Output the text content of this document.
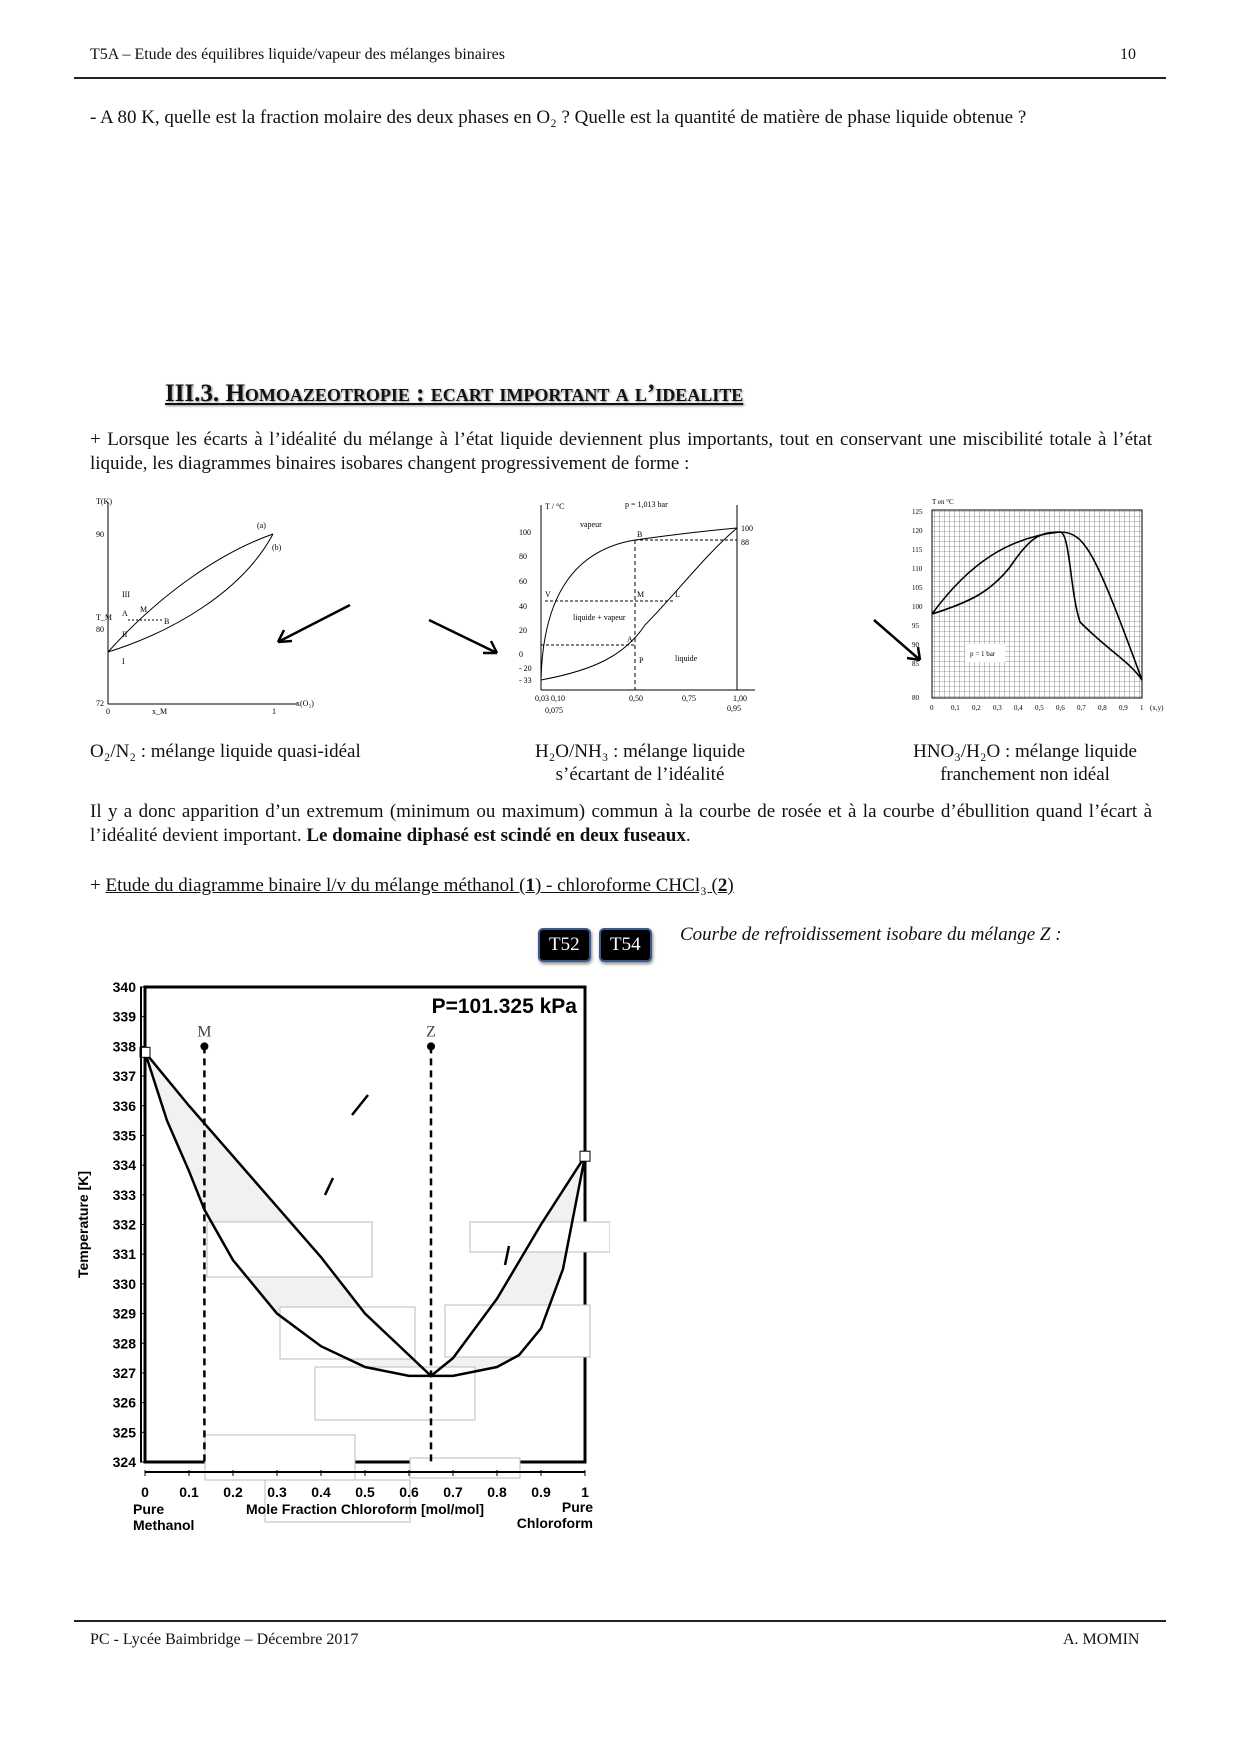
T5A – Etude des équilibres liquide/vapeur des mélanges binaires	10
- A 80 K, quelle est la fraction molaire des deux phases en O₂ ? Quelle est la quantité de matière de phase liquide obtenue ?
III.3. Homoazeotropie : ecart important a l’idealite
+ Lorsque les écarts à l’idéalité du mélange à l’état liquide deviennent plus importants, tout en conservant une miscibilité totale à l’état liquide, les diagrammes binaires isobares changent progressivement de forme :
T(K)
x(O₂)
90
80
72
0	x_M	1
(a)
(b)
III
II
I
A M
B
T_M
T / °C	p = 1,013 bar
100
80
60
40
20
0
- 20
- 33
0,03 0,10	0,50	0,75	1,00
0,075	0,95
100
88
vapeur
liquide + vapeur
liquide
B
M	L
V
A
P
T en °C
125
120
115
110
105
100
95
90
85
80
0	0,1 0,2 0,3 0,4 0,5 0,6 0,7 0,8 0,9 1 (x,y)
p = 1 bar
O₂/N₂ : mélange liquide quasi-idéal	H₂O/NH₃ : mélange liquide
s’écartant de l’idéalité
HNO₃/H₂O : mélange liquide
franchement non idéal
Il y a donc apparition d’un extremum (minimum ou maximum) commun à la courbe de rosée et à la courbe d’ébullition quand l’écart à l’idéalité devient important. Le domaine diphasé est scindé en deux fuseaux.
+ Etude du diagramme binaire l/v du mélange méthanol (1) - chloroforme CHCl₃ (2)
T52	T54	Courbe de refroidissement isobare du mélange Z :
P=101.325 kPa
M	Z
324
325
326
327
328
329
330
331
332
333
334
335
336
337
338
339
340
0 0.1 0.2 0.3 0.4 0.5 0.6 0.7 0.8 0.9 1
Mole Fraction Chloroform [mol/mol]
Temperature [K]
Pure
Methanol
Pure
Chloroform
PC - Lycée Baimbridge – Décembre 2017	A. MOMIN
